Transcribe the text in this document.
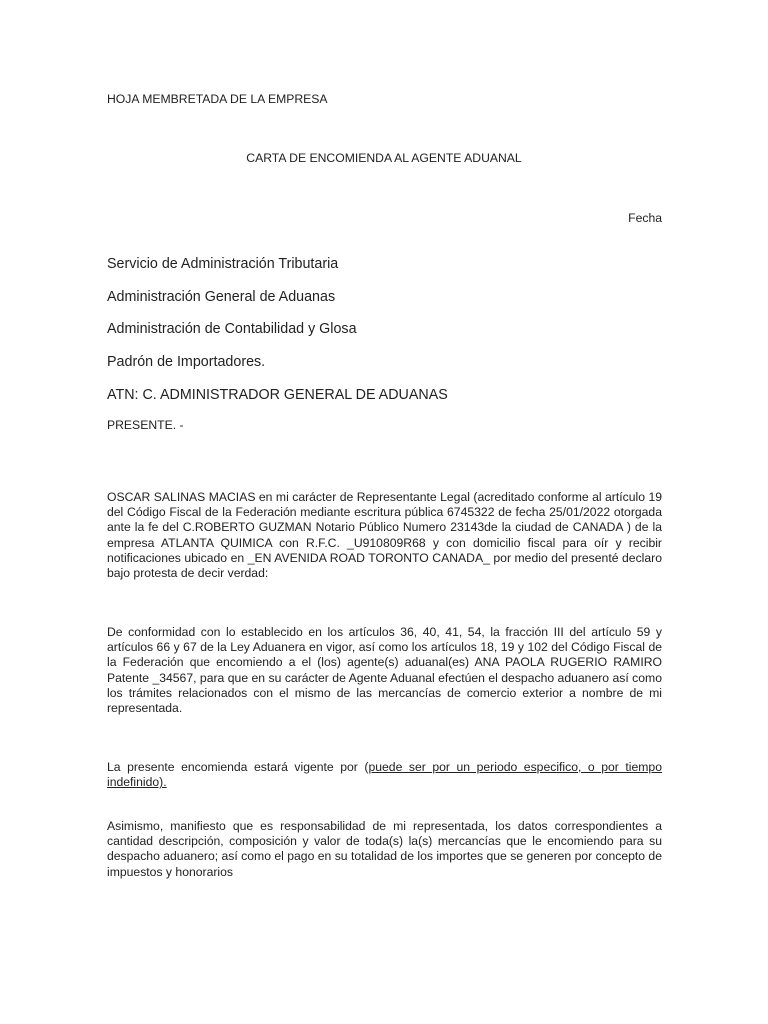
HOJA MEMBRETADA DE LA EMPRESA

CARTA DE ENCOMIENDA AL AGENTE ADUANAL

Fecha

Servicio de Administración Tributaria

Administración General de Aduanas

Administración de Contabilidad y Glosa

Padrón de Importadores.

ATN: C. ADMINISTRADOR GENERAL DE ADUANAS

PRESENTE. -

OSCAR SALINAS MACIAS en mi carácter de Representante Legal (acreditado conforme al artículo 19 del Código Fiscal de la Federación mediante escritura pública 6745322 de fecha 25/01/2022 otorgada ante la fe del C.ROBERTO GUZMAN Notario Público Numero 23143de la ciudad de CANADA ) de la empresa ATLANTA QUIMICA con R.F.C. _U910809R68 y con domicilio fiscal para oír y recibir notificaciones ubicado en _EN AVENIDA ROAD TORONTO CANADA_ por medio del presenté declaro bajo protesta de decir verdad:

De conformidad con lo establecido en los artículos 36, 40, 41, 54, la fracción III del artículo 59 y artículos 66 y 67 de la Ley Aduanera en vigor, así como los artículos 18, 19 y 102 del Código Fiscal de la Federación que encomiendo a el (los) agente(s) aduanal(es) ANA PAOLA RUGERIO RAMIRO Patente _34567, para que en su carácter de Agente Aduanal efectúen el despacho aduanero así como los trámites relacionados con el mismo de las mercancías de comercio exterior a nombre de mi representada.

La presente encomienda estará vigente por (puede ser por un periodo especifico, o por tiempo indefinido).

Asimismo, manifiesto que es responsabilidad de mi representada, los datos correspondientes a cantidad descripción, composición y valor de toda(s) la(s) mercancías que le encomiendo para su despacho aduanero; así como el pago en su totalidad de los importes que se generen por concepto de impuestos y honorarios
